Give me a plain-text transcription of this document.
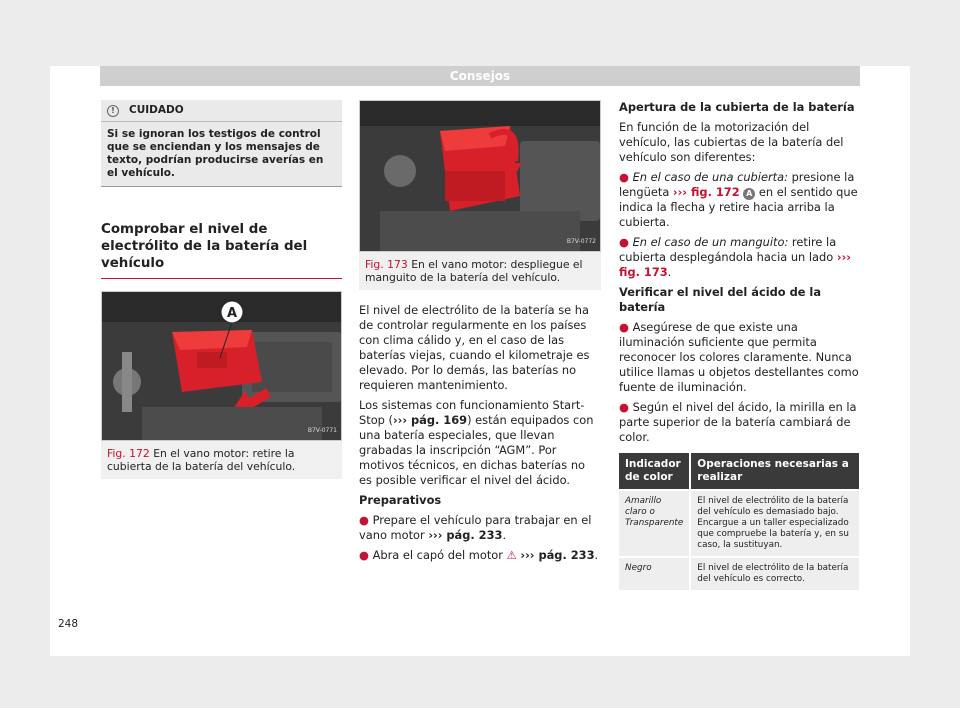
Consejos
!	CUIDADO
Si se ignoran los testigos de control que se enciendan y los mensajes de texto, podrían producirse averías en el vehículo.
Comprobar el nivel de electrólito de la batería del vehículo
A
B7V-0771
Fig. 172 En el vano motor: retire la cubierta de la batería del vehículo.
B7V-0772
Fig. 173 En el vano motor: despliegue el manguito de la batería del vehículo.

El nivel de electrólito de la batería se ha de controlar regularmente en los países con clima cálido y, en el caso de las baterías viejas, cuando el kilometraje es elevado. Por lo demás, las baterías no requieren mantenimiento.

Los sistemas con funcionamiento Start-Stop (››› pág. 169) están equipados con una batería especiales, que llevan grabadas la inscripción “AGM”. Por motivos técnicos, en dichas baterías no es posible verificar el nivel del ácido.

Preparativos

● Prepare el vehículo para trabajar en el vano motor ››› pág. 233.

● Abra el capó del motor ⚠ ››› pág. 233.

Apertura de la cubierta de la batería

En función de la motorización del vehículo, las cubiertas de la batería del vehículo son diferentes:

● En el caso de una cubierta: presione la lengüeta ››› fig. 172 A en el sentido que indica la flecha y retire hacia arriba la cubierta.

● En el caso de un manguito: retire la cubierta desplegándola hacia un lado ››› fig. 173.

Verificar el nivel del ácido de la batería

● Asegúrese de que existe una iluminación suficiente que permita reconocer los colores claramente. Nunca utilice llamas u objetos destellantes como fuente de iluminación.

● Según el nivel del ácido, la mirilla en la parte superior de la batería cambiará de color.

Indicador de color	Operaciones necesarias a realizar
Amarillo claro o Transparente	El nivel de electrólito de la batería del vehículo es demasiado bajo. Encargue a un taller especializado que compruebe la batería y, en su caso, la sustituyan.
Negro	El nivel de electrólito de la batería del vehículo es correcto.
248
